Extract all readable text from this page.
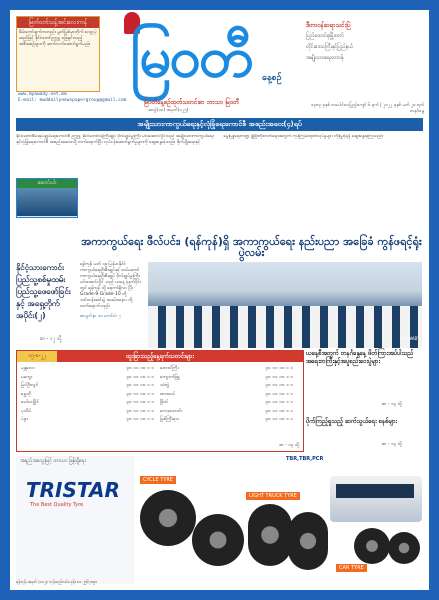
မြတ်ဝတ်သန့်အင်းလေးကန်
ဖိမ်းကော်ချက်ကတည်း မွတ်မြစ်မှာတိုက် လျော့ပဲ့ ဆည်ဖြင့် နိုင်ငံတော်ဥက္ကဋ္ဌ ဖြေရှင်းသည့် အစီအစဉ်များကို ဆက်လက်ဆောင်ရွက်မည်။ မြဝတီ နေ့စဉ်
ဒီတာဝန်ဆရာသင်းပြဲ
ပြည်ထောင်စုမြို့တော်
တိုင်းဒေသကြီးနှင့်ပြည်နယ်
အမျိုးသားရေးတာဝန်
www.myawady.net.mm
E-mail: mwddailynewspapergroup@gmail.com	မြဝတီနေ့စဉ်ထုတ်သတင်းစာ ဘာသာ မြဝတီ
အတွဲ(၁၀) အမှတ်(၁၂၅)
၁၃၈၃ ခုနှစ် တပေါင်းလပြည့်ကျော် ၆ ရက် | ၂၀၂၂ ခုနှစ် မတ် ၂၀ ရက် တနင်္ဂနွေ
အမျိုးသားကာကွယ်ရေးနှင့်လုံခြုံရေးကောင်စီ အစည်းအဝေး(၄)ရပ်
နိုင်ငံတော်စီမံအုပ်ချုပ်ရေးကောင်စီ ဥက္ကဋ္ဌ နိုင်ငံတော်ဝန်ကြီးချုပ် ဗိုလ်ချုပ်မှူးကြီး မင်းအောင်လှိုင်သည် အမျိုးသားကာကွယ်ရေးနှင့်လုံခြုံရေးကောင်စီ အစည်းအဝေးသို့ တက်ရောက်ပြီး လုပ်ငန်းဆောင်ရွက်မှုများကို ဆွေးနွေးခဲ့သည်။ စိုက်ပျိုးရေးနှင့် မွေးမြူရေးကဏ္ဍ ဖွံ့ဖြိုးတိုးတက်ရေးအတွက် ကုန်ကြမ်းထုတ်လုပ်မှုများ တိုးမြှင့်ရန် ဆွေးနွေးခဲ့ကြသည်။
ဆောင်းပါး
နိုင်ငံ့သားကောင်းပြည်သူ့စစ်မှုထမ်း ပြည်သူ့ဖေဖော်ခြင်းနှင့် အရှေ့တိုက် အပိုင်း(၂)
စာ - ၁၂ သို့
အကာကွယ်ရေး ဖီလ်ပင်း၊ (ရန်ကုန်)ရှိ အကာကွယ်ရေး နည်းပညာ အခြေခံ ကွန်ဖရင့်ရုံး ပွဲလမ်း
ရန်ကုန်၊ မတ် ၁၉ မြန်မာနိုင်ငံ ကာကွယ်ရေးဦးစီးချုပ်နှင့် တပ်မတော်ကာကွယ်ရေးဦးစီးချုပ် ဗိုလ်ချုပ်မှူးကြီး မင်းအောင်လှိုင် သည် ယနေ့ နံနက်ပိုင်းတွင် ရန်ကုန် သို့ ရောက်ရှိလာ ပြီး Grade-9 Grade-10 တို့ သင်တန်းဆင်းပွဲ အခမ်းအနား သို့ တက်ရောက်သည်။
စာမျက်နှာ ၁၀ ကော်လံ ၇
MYAWADY
ထူးခြားသည့်နေ့ရက်သတင်းများ
ဝ၅-၈-၂၂
မန္တလေး	၃၀ ၁၁ ၁၀ ၁ ၁ တောင်ကြီး	၃၀ ၁၁ ၁၀ ၁ ၁
မကွေး	၃၀ ၁၁ ၁၀ ၁ ၁ ကျောက်ဖြူ	၃၀ ၁၁ ၁၀ ၁ ၁
ပြင်ဦးလွင်	၃၀ ၁၁ ၁၀ ၁ ၁ သံတွဲ	၃၀ ၁၁ ၁၀ ၁ ၁
ရွှေဘို	၃၀ ၁၁ ၁၀ ၁ ၁ ထားဝယ်	၃၀ ၁၁ ၁၀ ၁ ၁
မော်လမြိုင်	၃၀ ၁၁ ၁၀ ၁ ၁ မြိတ်	၃၀ ၁၁ ၁၀ ၁ ၁
ပုသိမ်	၃၀ ၁၁ ၁၀ ၁ ၁ ကော့သောင်း	၃၀ ၁၁ ၁၀ ၁ ၁
ပဲခူး	၃၀ ၁၁ ၁၀ ၁ ၁ မြစ်ကြီးနား	၃၀ ၁၁ ၁၀ ၁ ၁
စာ - ၁၃ သို့
ယနေ့စီအတွက် တနင်္ဂနွေနေ့ ဖိတ်ကြားအပ်ပါသည် အရေးတကြီးနှင့်အပူစည်းဝေးပွဲများ
စာ - ၁၃ သို့
ပိုက်ကြည့်ရှုသည့် ဆက်သွယ်ရေး စနစ်များ
စာ - ၁၃ သို့
အရည်အသွေးမြင့် တာယာ ဖြန့်ချိရေး
TRISTAR
The Best Quality Tyre
ရန်ကုန်၊ အမှတ် (၁၁၂)၊ ကုန်သည်လမ်း၊ ဖုန်း ၀၁-၂၅၆၇၈၉၀
CYCLE TYRE
TBR,TBR,PCR
LIGHT TRUCK TYRE
CAR TYRE
